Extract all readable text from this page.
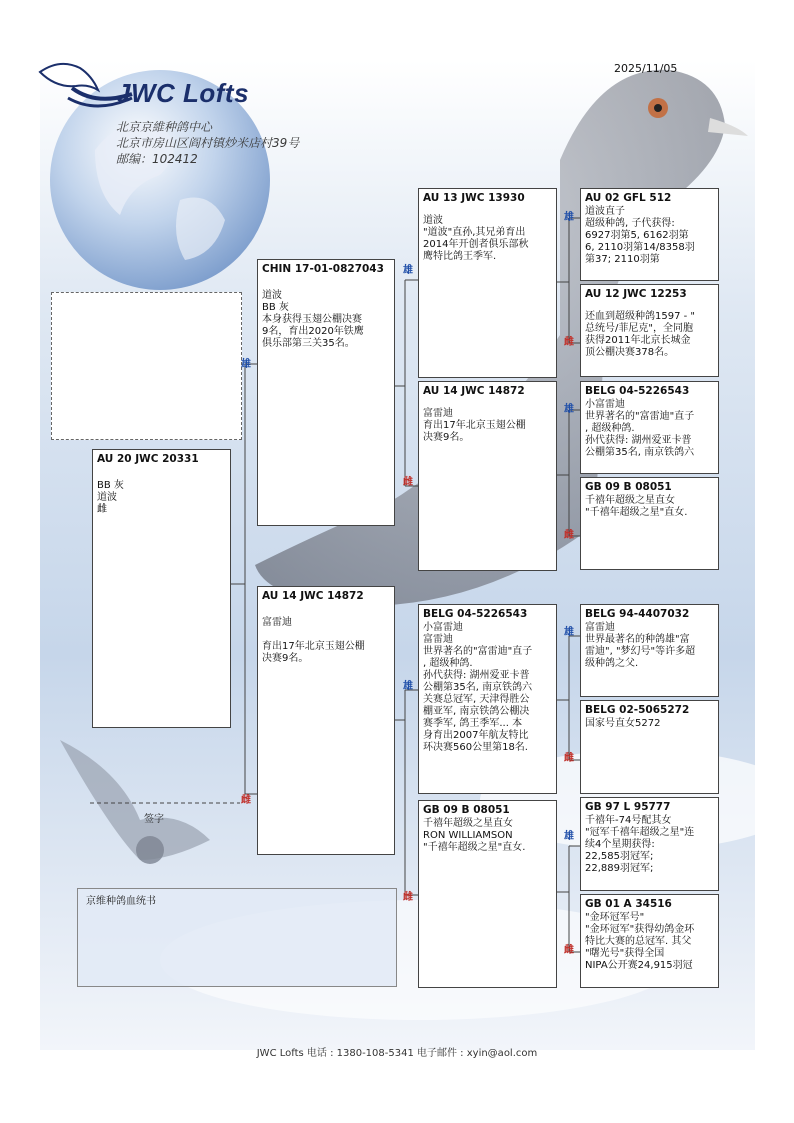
2025/11/05
JWC Lofts
北京京維种鸽中心
北京市房山区阎村镇炒米店村39号
邮编：102412
雄
雌
雄
雌
雄
雌
雄
雌
雄
雌
雄
雌
雄
雌
AU 20 JWC 20331
BB 灰
道波
雌
CHIN 17-01-0827043
道波
BB 灰
本身获得玉翅公棚决赛
9名，育出2020年铁鹰
俱乐部第三关35名。
AU 14 JWC 14872
富雷迪

育出17年北京玉翅公棚
决赛9名。
AU 13 JWC 13930
道波
"道波"直孙,其兄弟育出
2014年开创者俱乐部秋
鹰特比鸽王季军.
AU 14 JWC 14872
富雷迪
育出17年北京玉翅公棚
决赛9名。
BELG 04-5226543
小富雷迪
富雷迪
世界著名的"富雷迪"直子
, 超级种鸽.
孙代获得: 湖州爱亚卡普
公棚第35名, 南京铁鸽六
关赛总冠军, 天津得胜公
棚亚军, 南京铁鸽公棚决
赛季军, 鸽王季军... 本
身育出2007年航友特比
环决赛560公里第18名.
GB 09 B 08051
千禧年超级之星直女
RON WILLIAMSON
"千禧年超级之星"直女.
AU 02 GFL 512
道波直子
超级种鸽, 子代获得:
6927羽第5, 6162羽第
6, 2110羽第14/8358羽
第37; 2110羽第
AU 12 JWC 12253
还血到超级种鸽1597 - "
总统号/菲尼克"，全同胞
获得2011年北京长城金
顶公棚决赛378名。
BELG 04-5226543
小富雷迪
世界著名的"富雷迪"直子
, 超级种鸽.
孙代获得: 湖州爱亚卡普
公棚第35名, 南京铁鸽六
GB 09 B 08051
千禧年超级之星直女
"千禧年超级之星"直女.
BELG 94-4407032
富雷迪
世界最著名的种鸽雄"富
雷迪", "梦幻号"等许多超
级种鸽之父.
BELG 02-5065272
国家号直女5272
GB 97 L 95777
千禧年-74号配其女
"冠军千禧年超级之星"连
续4个星期获得:
22,585羽冠军;
22,889羽冠军;
GB 01 A 34516
"金环冠军号"
"金环冠军"获得幼鸽金环
特比大赛的总冠军. 其父
"曙光号"获得全国
NIPA公开赛24,915羽冠
签字
京维种鸽血统书
JWC Lofts 电话 : 1380-108-5341 电子邮件 : xyin@aol.com
